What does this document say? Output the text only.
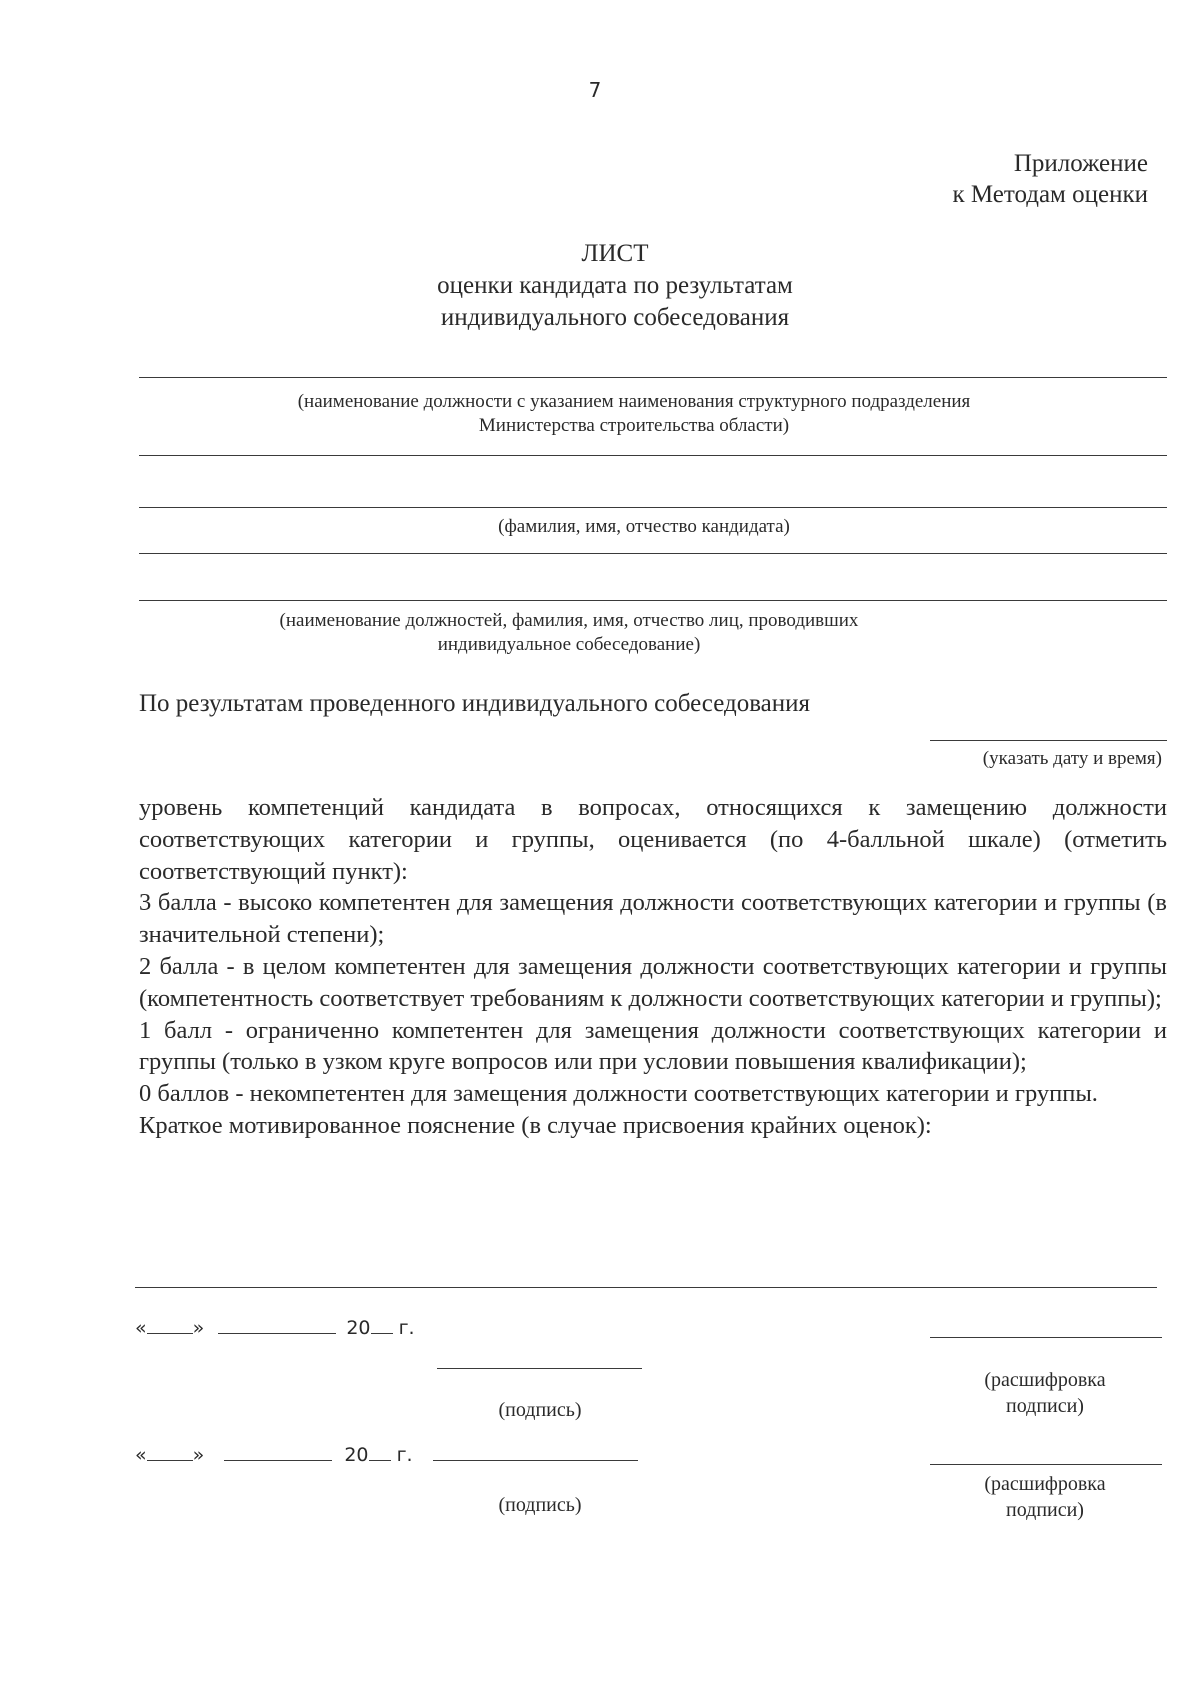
7
Приложение
к Методам оценки
ЛИСТ
оценки кандидата по результатам
индивидуального собеседования
(наименование должности с указанием наименования структурного подразделения
Министерства строительства области)
(фамилия, имя, отчество кандидата)
(наименование должностей, фамилия, имя, отчество лиц, проводивших
индивидуальное собеседование)
По результатам проведенного индивидуального собеседования
(указать дату и время)

уровень компетенций кандидата в вопросах, относящихся к замещению должности соответствующих категории и группы, оценивается (по 4-балльной шкале) (отметить соответствующий пункт):

3 балла - высоко компетентен для замещения должности соответствующих категории и группы (в значительной степени);

2 балла - в целом компетентен для замещения должности соответствующих категории и группы (компетентность соответствует требованиям к должности соответствующих категории и группы);

1 балл - ограниченно компетентен для замещения должности соответствующих категории и группы (только в узком круге вопросов или при условии повышения квалификации);

0 баллов - некомпетентен для замещения должности соответствующих категории и группы.

Краткое мотивированное пояснение (в случае присвоения крайних оценок):

« »	20 г.
(расшифровка
подписи)
(подпись)
« »	20 г.
(расшифровка
подписи)
(подпись)
